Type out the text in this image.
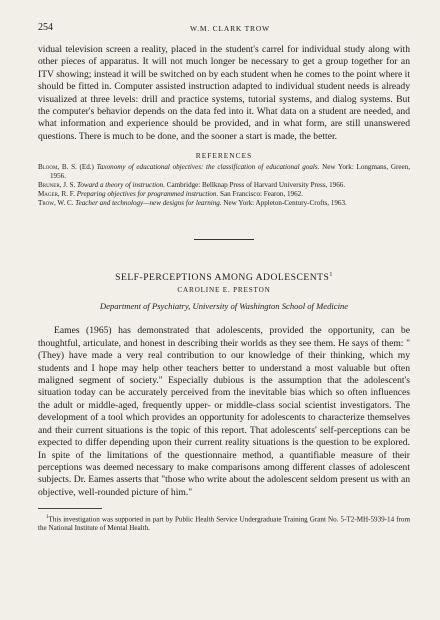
254	W.M. CLARK TROW

vidual television screen a reality, placed in the student's carrel for individual study along with other pieces of apparatus. It will not much longer be necessary to get a group together for an ITV showing; instead it will be switched on by each student when he comes to the point where it should be fitted in. Computer assisted instruction adapted to individual student needs is already visualized at three levels: drill and practice systems, tutorial systems, and dialog systems. But the computer's behavior depends on the data fed into it. What data on a student are needed, and what information and experience should be provided, and in what form, are still unanswered questions. There is much to be done, and the sooner a start is made, the better.

REFERENCES

Bloom, B. S. (Ed.) Taxonomy of educational objectives: the classification of educational goals. New York: Longmans, Green, 1956.

Bruner, J. S. Toward a theory of instruction. Cambridge: Bellknap Press of Harvard University Press, 1966.

Mager, R. F. Preparing objectives for programmed instruction. San Francisco: Fearon, 1962.

Trow, W. C. Teacher and technology—new designs for learning. New York: Appleton-Century-Crofts, 1963.

SELF-PERCEPTIONS AMONG ADOLESCENTS$^1$

CAROLINE E. PRESTON
Department of Psychiatry, University of Washington School of Medicine

Eames (1965) has demonstrated that adolescents, provided the opportunity, can be thoughtful, articulate, and honest in describing their worlds as they see them. He says of them: "(They) have made a very real contribution to our knowledge of their thinking, which my students and I hope may help other teachers better to understand a most valuable but often maligned segment of society." Especially dubious is the assumption that the adolescent's situation today can be accurately perceived from the inevitable bias which so often influences the adult or middle-aged, frequently upper- or middle-class social scientist investigators. The development of a tool which provides an opportunity for adolescents to characterize themselves and their current situations is the topic of this report. That adolescents' self-perceptions can be expected to differ depending upon their current reality situations is the question to be explored. In spite of the limitations of the questionnaire method, a quantifiable measure of their perceptions was deemed necessary to make comparisons among different classes of adolescent subjects. Dr. Eames asserts that "those who write about the adolescent seldom present us with an objective, well-rounded picture of him."

$^1$This investigation was supported in part by Public Health Service Undergraduate Training Grant No. 5-T2-MH-5939-14 from the National Institute of Mental Health.
